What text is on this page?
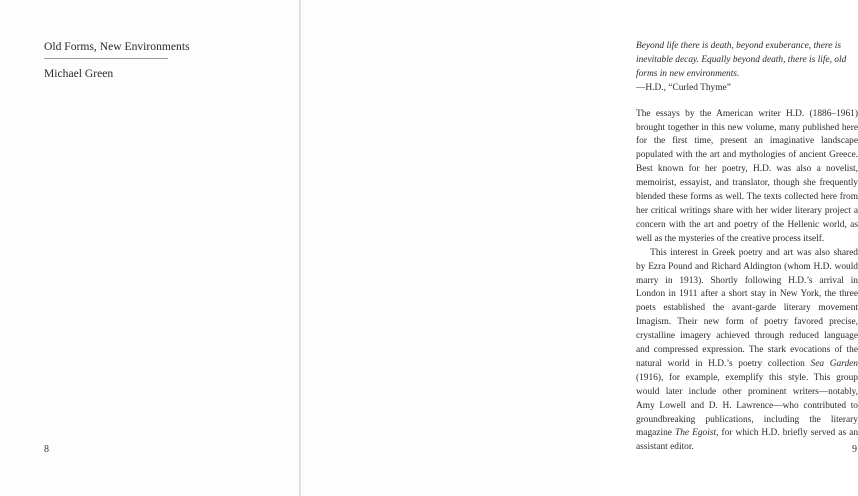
Old Forms, New Environments
Michael Green
8

Beyond life there is death, beyond exuberance, there is inevitable decay. Equally beyond death, there is life, old forms in new environments.

—H.D., “Curled Thyme”

The essays by the American writer H.D. (1886–1961) brought together in this new volume, many published here for the first time, present an imaginative landscape populated with the art and mythologies of ancient Greece. Best known for her poetry, H.D. was also a novelist, memoirist, essayist, and translator, though she frequently blended these forms as well. The texts collected here from her critical writings share with her wider literary project a concern with the art and poetry of the Hellenic world, as well as the mysteries of the creative process itself.

This interest in Greek poetry and art was also shared by Ezra Pound and Richard Aldington (whom H.D. would marry in 1913). Shortly following H.D.’s arrival in London in 1911 after a short stay in New York, the three poets established the avant-garde literary movement Imagism. Their new form of poetry favored precise, crystalline imagery achieved through reduced language and compressed expression. The stark evocations of the natural world in H.D.’s poetry collection Sea Garden (1916), for example, exemplify this style. This group would later include other prominent writers—notably, Amy Lowell and D. H. Lawrence—who contributed to groundbreaking publications, including the literary magazine The Egoist, for which H.D. briefly served as an assistant editor.	9
